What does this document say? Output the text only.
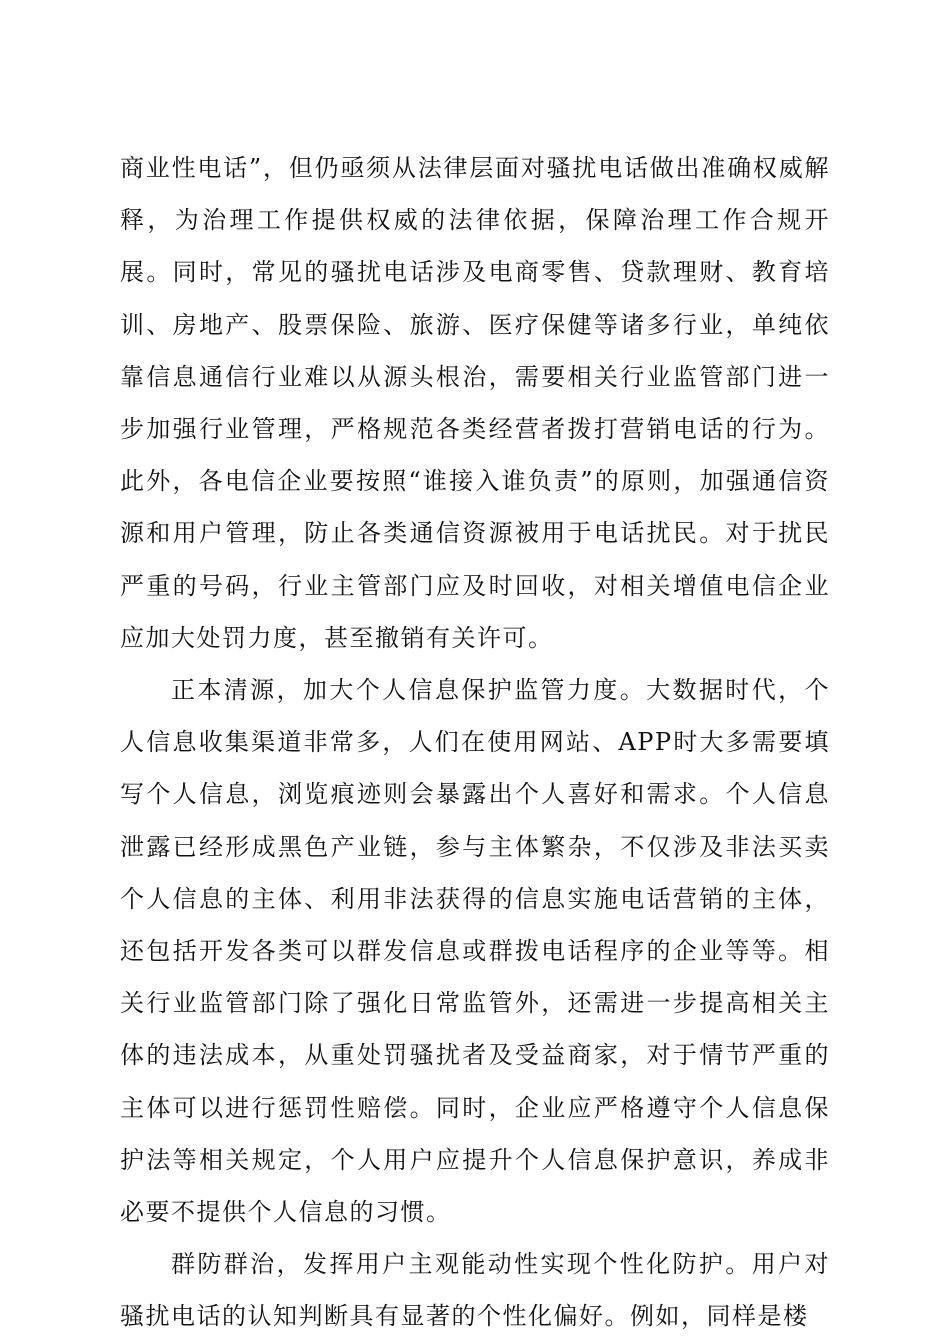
商业性电话”，但仍亟须从法律层面对骚扰电话做出准确权威解释，为治理工作提供权威的法律依据，保障治理工作合规开展。同时，常见的骚扰电话涉及电商零售、贷款理财、教育培训、房地产、股票保险、旅游、医疗保健等诸多行业，单纯依靠信息通信行业难以从源头根治，需要相关行业监管部门进一步加强行业管理，严格规范各类经营者拨打营销电话的行为。此外，各电信企业要按照“谁接入谁负责”的原则，加强通信资源和用户管理，防止各类通信资源被用于电话扰民。对于扰民严重的号码，行业主管部门应及时回收，对相关增值电信企业应加大处罚力度，甚至撤销有关许可。

正本清源，加大个人信息保护监管力度。大数据时代，个人信息收集渠道非常多，人们在使用网站、APP时大多需要填写个人信息，浏览痕迹则会暴露出个人喜好和需求。个人信息泄露已经形成黑色产业链，参与主体繁杂，不仅涉及非法买卖个人信息的主体、利用非法获得的信息实施电话营销的主体，还包括开发各类可以群发信息或群拨电话程序的企业等等。相关行业监管部门除了强化日常监管外，还需进一步提高相关主体的违法成本，从重处罚骚扰者及受益商家，对于情节严重的主体可以进行惩罚性赔偿。同时，企业应严格遵守个人信息保护法等相关规定，个人用户应提升个人信息保护意识，养成非必要不提供个人信息的习惯。

群防群治，发挥用户主观能动性实现个性化防护。用户对骚扰电话的认知判断具有显著的个性化偏好。例如，同样是楼
